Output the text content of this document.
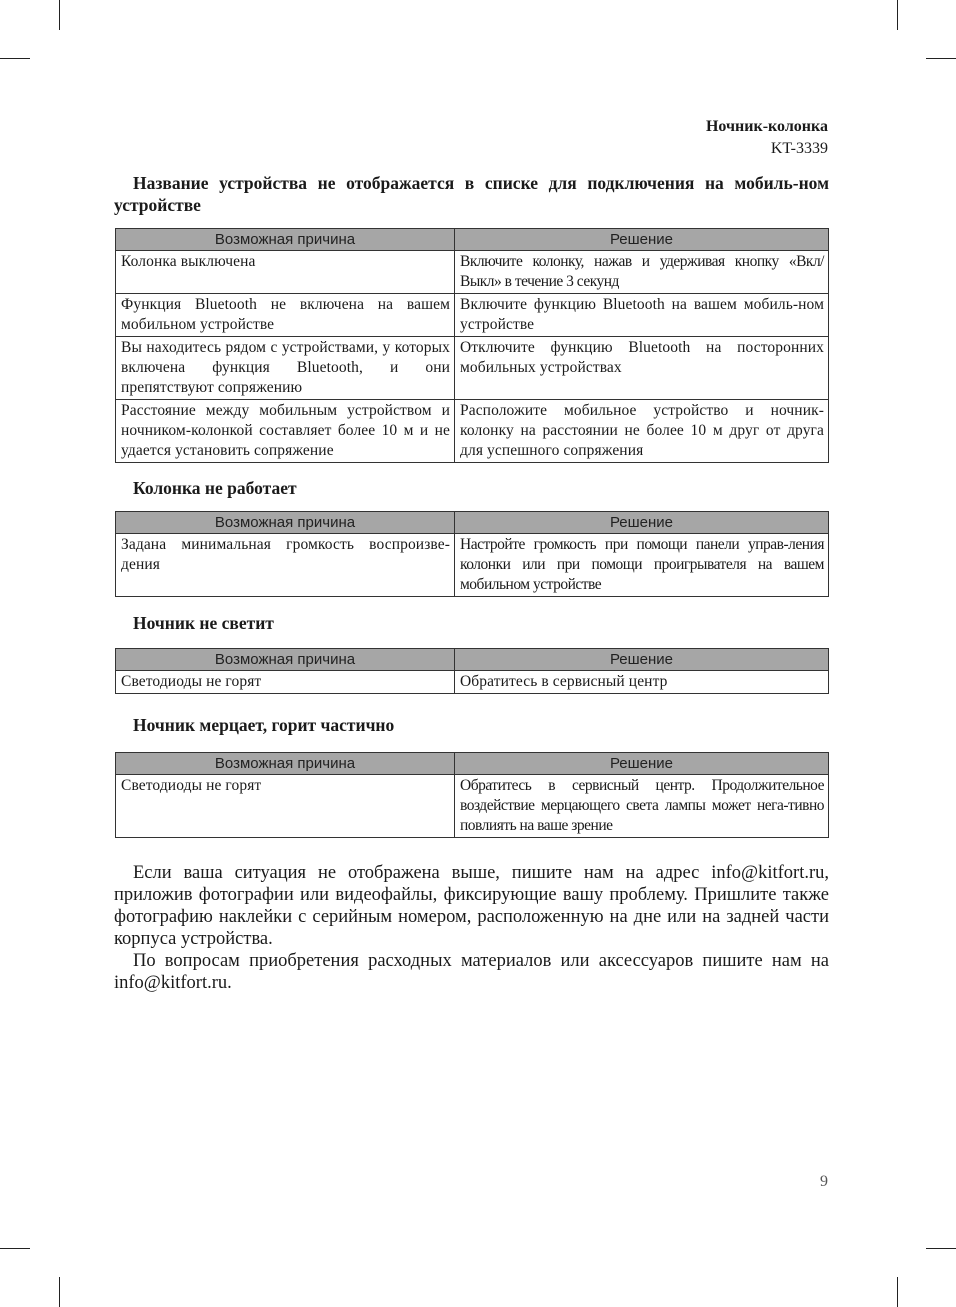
Ночник-колонка
KT-3339
Название устройства не отображается в списке для подключения на мобиль-ном устройстве
Возможная причина	Решение
Колонка выключена	Включите колонку, нажав и удерживая кнопку «Вкл/Выкл» в течение 3 секунд
Функция Bluetooth не включена на вашем мобильном устройстве	Включите функцию Bluetooth на вашем мобиль-ном устройстве
Вы находитесь рядом с устройствами, у которых включена функция Bluetooth, и они препятствуют сопряжению	Отключите функцию Bluetooth на посторонних мобильных устройствах
Расстояние между мобильным устройством и ночником-колонкой составляет более 10 м и не удается установить сопряжение	Расположите мобильное устройство и ночник-колонку на расстоянии не более 10 м друг от друга для успешного сопряжения
Колонка не работает
Возможная причина	Решение
Задана минимальная громкость воспроизве-дения	Настройте громкость при помощи панели управ-ления колонки или при помощи проигрывателя на вашем мобильном устройстве
Ночник не светит
Возможная причина	Решение
Светодиоды не горят	Обратитесь в сервисный центр
Ночник мерцает, горит частично
Возможная причина	Решение
Светодиоды не горят	Обратитесь в сервисный центр. Продолжительное воздействие мерцающего света лампы может нега-тивно повлиять на ваше зрение

Если ваша ситуация не отображена выше, пишите нам на адрес info@kitfort.ru, приложив фотографии или видеофайлы, фиксирующие вашу проблему. Пришлите также фотографию наклейки с серийным номером, расположенную на дне или на задней части корпуса устройства.

По вопросам приобретения расходных материалов или аксессуаров пишите нам на info@kitfort.ru.

9
